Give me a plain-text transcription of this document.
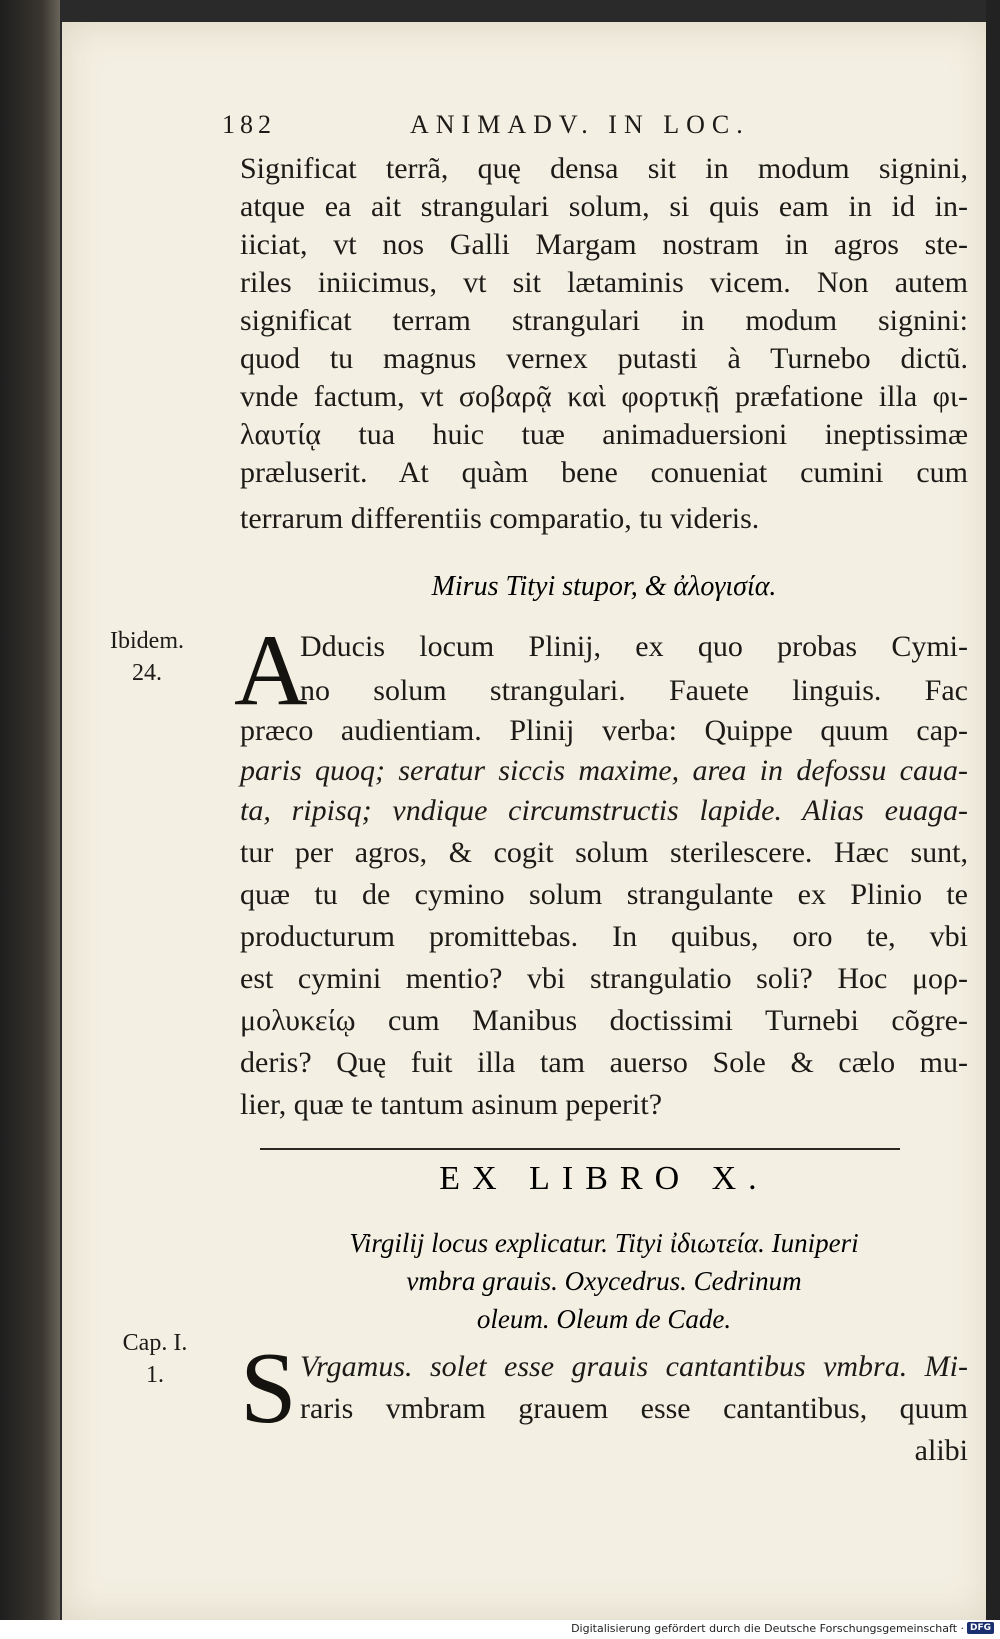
182	ANIMADV. IN LOC.
Significat terrã, quę densa sit in modum signini,
atque ea ait strangulari solum, si quis eam in id in-
iiciat, vt nos Galli Margam nostram in agros ste-
riles iniicimus, vt sit lætaminis vicem. Non autem
significat terram strangulari in modum signini:
quod tu magnus vernex putasti à Turnebo dictũ.
vnde factum, vt σοβαρᾷ καὶ φορτικῇ præfatione illa φι-
λαυτίᾳ tua huic tuæ animaduersioni ineptissimæ
præluserit. At quàm bene conueniat cumini cum
terrarum differentiis comparatio, tu videris.
Mirus Tityi stupor, & ἀλογισία.
Ibidem.
24. A
Dducis locum Plinij, ex quo probas Cymi-
no solum strangulari. Fauete linguis. Fac
præco audientiam. Plinij verba: Quippe quum cap-
paris quoq; seratur siccis maxime, area in defossu caua-
ta, ripisq; vndique circumstructis lapide. Alias euaga-
tur per agros, & cogit solum sterilescere. Hæc sunt,
quæ tu de cymino solum strangulante ex Plinio te
producturum promittebas. In quibus, oro te, vbi
est cymini mentio? vbi strangulatio soli? Hoc μορ-
μολυκείῳ cum Manibus doctissimi Turnebi cõgre-
deris? Quę fuit illa tam auerso Sole & cælo mu-
lier, quæ te tantum asinum peperit?
EX LIBRO X.
Virgilij locus explicatur. Tityi ἰδιωτεία. Iuniperi
vmbra grauis. Oxycedrus. Cedrinum
oleum. Oleum de Cade.
Cap. I.
1. S Vrgamus. solet esse grauis cantantibus vmbra. Mi-
raris vmbram grauem esse cantantibus, quum
alibi
Digitalisierung gefördert durch die Deutsche Forschungsgemeinschaft · DFG
